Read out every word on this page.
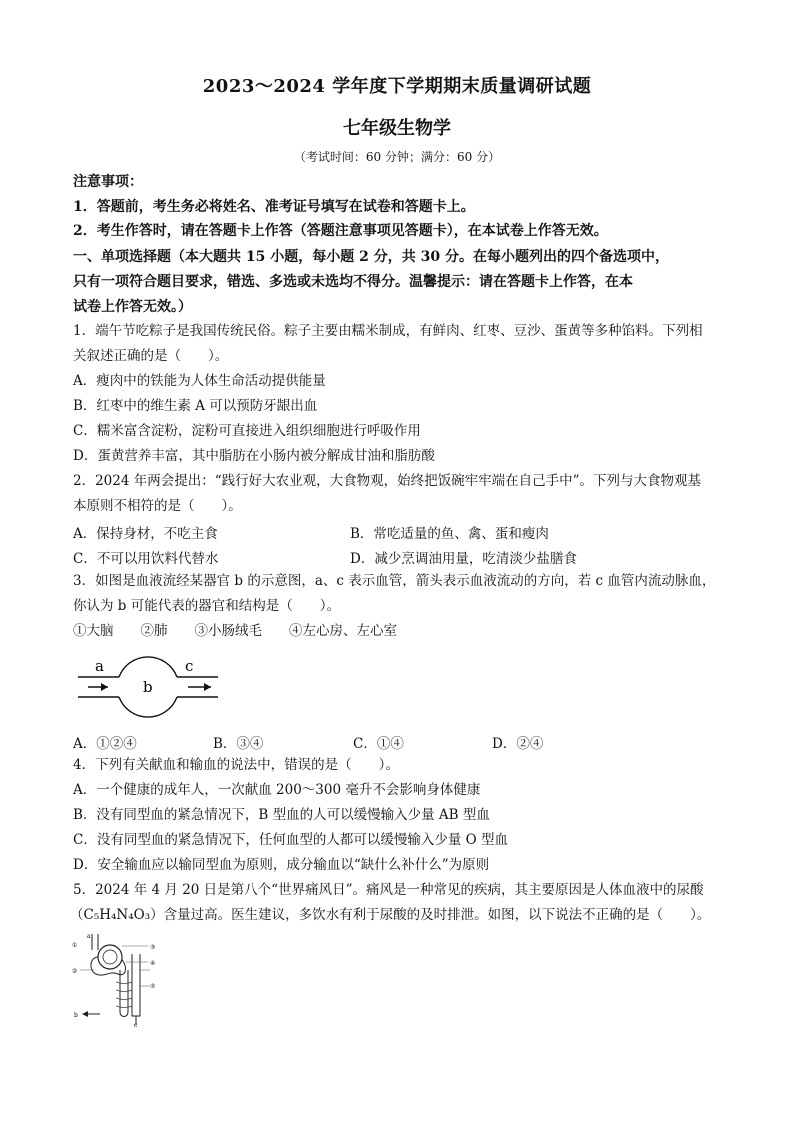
2023～2024 学年度下学期期末质量调研试题
七年级生物学
（考试时间：60 分钟；满分：60 分）
注意事项：
1．答题前，考生务必将姓名、准考证号填写在试卷和答题卡上。
2．考生作答时，请在答题卡上作答（答题注意事项见答题卡），在本试卷上作答无效。
一、单项选择题（本大题共 15 小题，每小题 2 分，共 30 分。在每小题列出的四个备选项中，
只有一项符合题目要求，错选、多选或未选均不得分。温馨提示：请在答题卡上作答，在本
试卷上作答无效。）
1．端午节吃粽子是我国传统民俗。粽子主要由糯米制成，有鲜肉、红枣、豆沙、蛋黄等多种馅料。下列相
关叙述正确的是（　　）。
A．瘦肉中的铁能为人体生命活动提供能量
B．红枣中的维生素 A 可以预防牙龈出血
C．糯米富含淀粉，淀粉可直接进入组织细胞进行呼吸作用
D．蛋黄营养丰富，其中脂肪在小肠内被分解成甘油和脂肪酸
2．2024 年两会提出：“践行好大农业观，大食物观，始终把饭碗牢牢端在自己手中”。下列与大食物观基
本原则不相符的是（　　）。
A．保持身材，不吃主食	B．常吃适量的鱼、禽、蛋和瘦肉
C．不可以用饮料代替水	D．减少烹调油用量，吃清淡少盐膳食
3．如图是血液流经某器官 b 的示意图，a、c 表示血管，箭头表示血液流动的方向，若 c 血管内流动脉血，
你认为 b 可能代表的器官和结构是（　　）。
①大脑　　②肺　　③小肠绒毛　　④左心房、左心室
a
b
c
A．①②④	B．③④	C．①④	D．②④
4．下列有关献血和输血的说法中，错误的是（　　）。
A．一个健康的成年人，一次献血 200～300 毫升不会影响身体健康
B．没有同型血的紧急情况下，B 型血的人可以缓慢输入少量 AB 型血
C．没有同型血的紧急情况下，任何血型的人都可以缓慢输入少量 O 型血
D．安全输血应以输同型血为原则，成分输血以“缺什么补什么”为原则
5．2024 年 4 月 20 日是第八个“世界痛风日”。痛风是一种常见的疾病，其主要原因是人体血液中的尿酸
（C₅H₄N₄O₃）含量过高。医生建议，多饮水有利于尿酸的及时排泄。如图，以下说法不正确的是（　　）。
a
①
②
③
④
⑤
b
c
